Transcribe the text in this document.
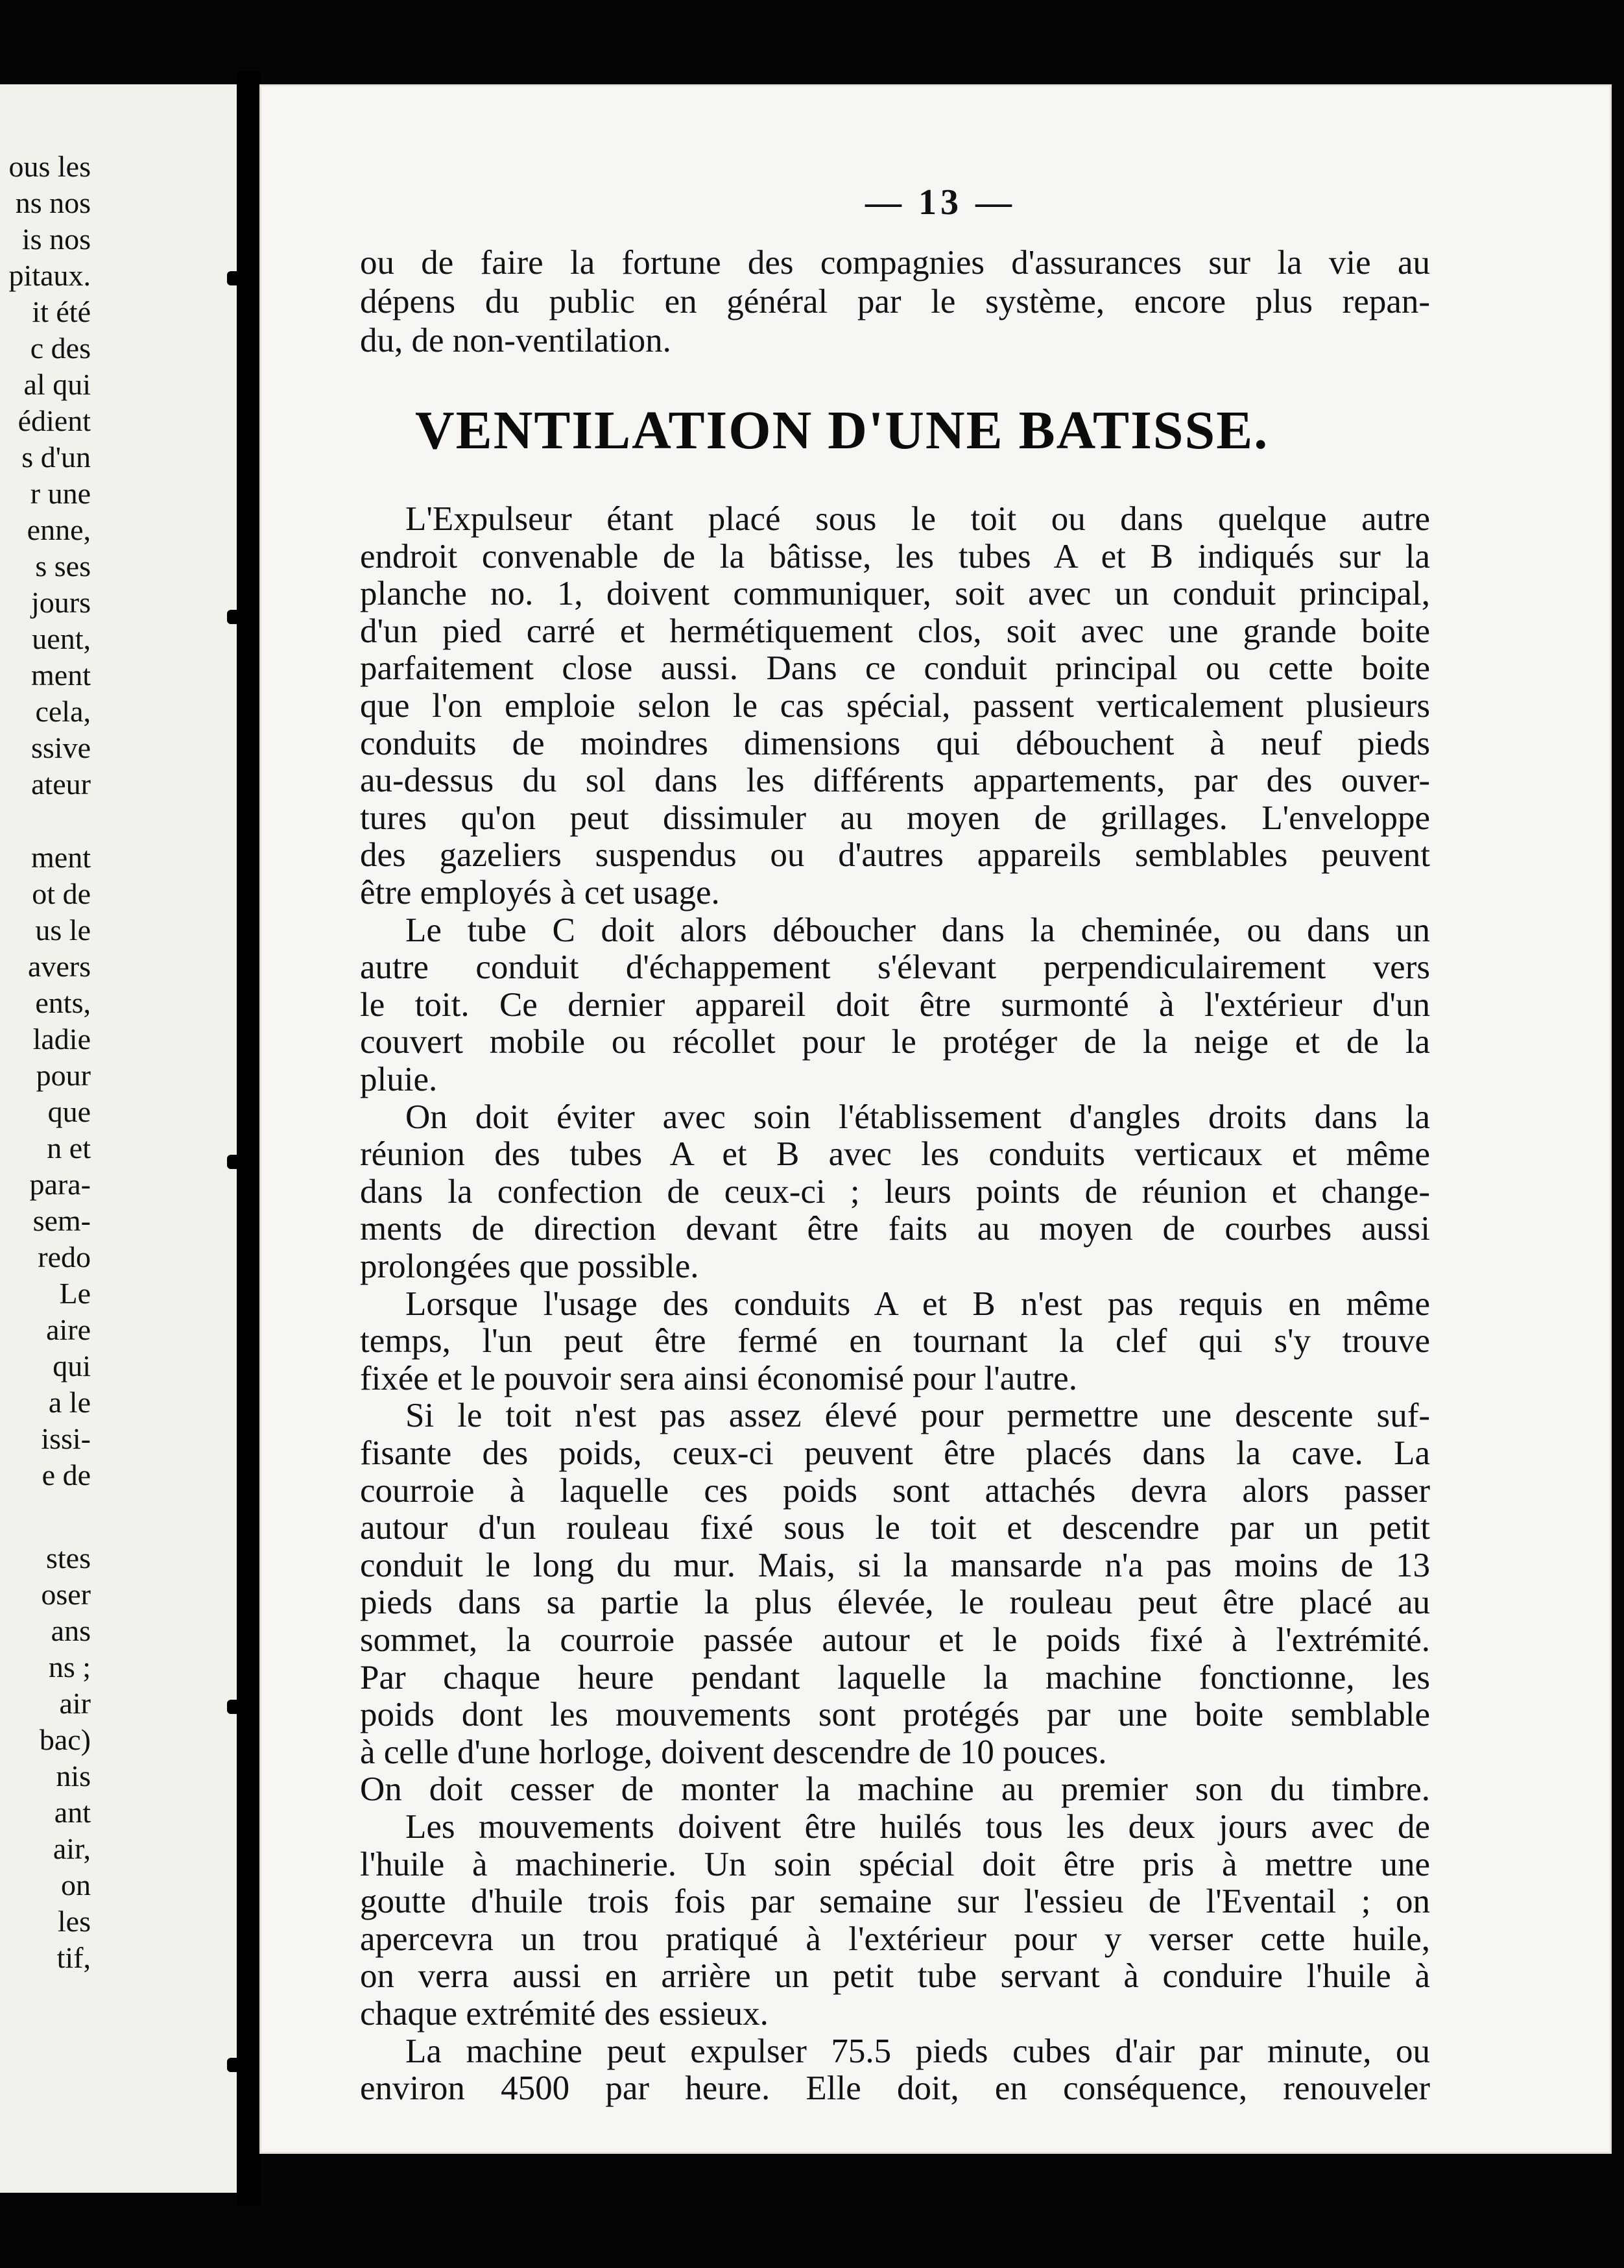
ous les
ns nos
is nos
pitaux.
it été
c des
al qui
édient
s d'un
r une
enne,
s ses
jours
uent,
ment
cela,
ssive
ateur
ment
ot de
us le
avers
ents,
ladie
pour
que
n et
para-
sem-
redo
Le
aire
qui
a le
issi-
e de
stes
oser
ans
ns ;
air
bac)
nis
ant
air,
on
les
tif,
— 13 —
ou de faire la fortune des compagnies d'assurances sur la vie au
dépens du public en général par le système, encore plus repan-
du, de non-ventilation.
L'Expulseur étant placé sous le toit ou dans quelque autre
endroit convenable de la bâtisse, les tubes A et B indiqués sur la
planche no. 1, doivent communiquer, soit avec un conduit principal,
d'un pied carré et hermétiquement clos, soit avec une grande boite
parfaitement close aussi. Dans ce conduit principal ou cette boite
que l'on emploie selon le cas spécial, passent verticalement plusieurs
conduits de moindres dimensions qui débouchent à neuf pieds
au-dessus du sol dans les différents appartements, par des ouver-
tures qu'on peut dissimuler au moyen de grillages. L'enveloppe
des gazeliers suspendus ou d'autres appareils semblables peuvent
être employés à cet usage.
Le tube C doit alors déboucher dans la cheminée, ou dans un
autre conduit d'échappement s'élevant perpendiculairement vers
le toit. Ce dernier appareil doit être surmonté à l'extérieur d'un
couvert mobile ou récollet pour le protéger de la neige et de la
pluie.
On doit éviter avec soin l'établissement d'angles droits dans la
réunion des tubes A et B avec les conduits verticaux et même
dans la confection de ceux-ci ; leurs points de réunion et change-
ments de direction devant être faits au moyen de courbes aussi
prolongées que possible.
Lorsque l'usage des conduits A et B n'est pas requis en même
temps, l'un peut être fermé en tournant la clef qui s'y trouve
fixée et le pouvoir sera ainsi économisé pour l'autre.
Si le toit n'est pas assez élevé pour permettre une descente suf-
fisante des poids, ceux-ci peuvent être placés dans la cave. La
courroie à laquelle ces poids sont attachés devra alors passer
autour d'un rouleau fixé sous le toit et descendre par un petit
conduit le long du mur. Mais, si la mansarde n'a pas moins de 13
pieds dans sa partie la plus élevée, le rouleau peut être placé au
sommet, la courroie passée autour et le poids fixé à l'extrémité.
Par chaque heure pendant laquelle la machine fonctionne, les
poids dont les mouvements sont protégés par une boite semblable
à celle d'une horloge, doivent descendre de 10 pouces.
On doit cesser de monter la machine au premier son du timbre.
Les mouvements doivent être huilés tous les deux jours avec de
l'huile à machinerie. Un soin spécial doit être pris à mettre une
goutte d'huile trois fois par semaine sur l'essieu de l'Eventail ; on
apercevra un trou pratiqué à l'extérieur pour y verser cette huile,
on verra aussi en arrière un petit tube servant à conduire l'huile à
chaque extrémité des essieux.
La machine peut expulser 75.5 pieds cubes d'air par minute, ou
environ 4500 par heure. Elle doit, en conséquence, renouveler
VENTILATION D'UNE BATISSE.
